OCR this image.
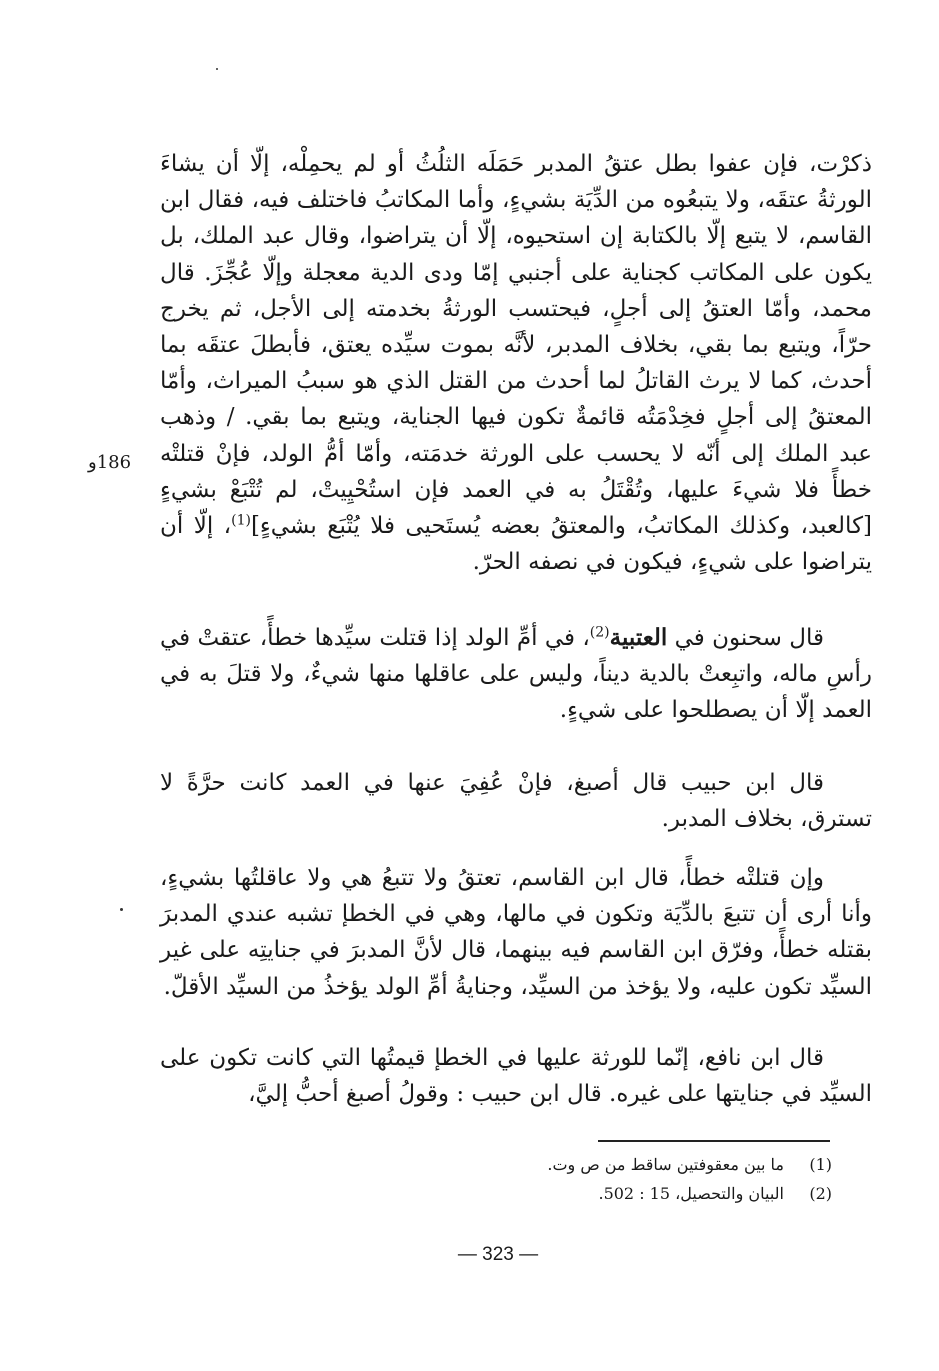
186و

ذكرْت، فإن عفوا بطل عتقُ المدبر حَمَلَه الثلُثُ أو لم يحمِلْه، إلّا أن يشاءَ الورثةُ عتقَه، ولا يتبعُوه من الدِّيَة بشيءٍ، وأما المكاتبُ فاختلف فيه، فقال ابن القاسم، لا يتبع إلّا بالكتابة إن استحيوه، إلّا أن يتراضوا، وقال عبد الملك، بل يكون على المكاتب كجناية على أجنبي إمّا ودى الدية معجلة وإلّا عُجِّزَ. قال محمد، وأمّا العتقُ إلى أجلٍ، فيحتسب الورثةُ بخدمته إلى الأجل، ثم يخرج حرّاً، ويتبع بما بقي، بخلاف المدبر، لأنَّه بموت سيِّده يعتق، فأبطلَ عتقَه بما أحدث، كما لا يرث القاتلُ لما أحدث من القتل الذي هو سببُ الميراث، وأمّا المعتقُ إلى أجلٍ فخِدْمَتُه قائمةٌ تكون فيها الجناية، ويتبع بما بقي. / وذهب عبد الملك إلى أنّه لا يحسب على الورثة خدمَته، وأمّا أمُّ الولد، فإنْ قتلتْه خطأً فلا شيءَ عليها، وتُقْتَلُ به في العمد فإن استُحْيِيتْ، لم تُتْبَعْ بشيءٍ [كالعبد، وكذلك المكاتبُ، والمعتقُ بعضه يُستَحيى فلا يُتْبَع بشيءٍ]$^{(1)}$، إلّا أن يتراضوا على شيءٍ، فيكون في نصفه الحرّ.

قال سحنون في العتبية$^{(2)}$، في أمِّ الولد إذا قتلت سيِّدها خطأً، عتقتْ في رأسِ ماله، واتبِعتْ بالدية ديناً، وليس على عاقلها منها شيءٌ، ولا قتلَ به في العمد إلّا أن يصطلحوا على شيءٍ.

قال ابن حبيب قال أصبغ، فإنْ عُفِيَ عنها في العمد كانت حرَّةً لا تسترق، بخلاف المدبر.

وإن قتلتْه خطأً، قال ابن القاسم، تعتقُ ولا تتبعُ هي ولا عاقلتُها بشيءٍ، وأنا أرى أن تتبعَ بالدِّيَة وتكون في مالها، وهي في الخطإ تشبه عندي المدبرَ بقتله خطأً، وفرّق ابن القاسم فيه بينهما، قال لأنَّ المدبرَ في جنايتِه على غير السيِّد تكون عليه، ولا يؤخذ من السيِّد، وجنايةُ أمِّ الولد يؤخذُ من السيِّد الأقلّ.

قال ابن نافع، إنّما للورثة عليها في الخطإ قيمتُها التي كانت تكون على السيِّد في جنايتها على غيره. قال ابن حبيب : وقولُ أصبغ أحبُّ إليَّ،

(1)
ما بين معقوفتين ساقط من ص وت.
(2)
البيان والتحصيل، 15 : 502.
— 323 —
